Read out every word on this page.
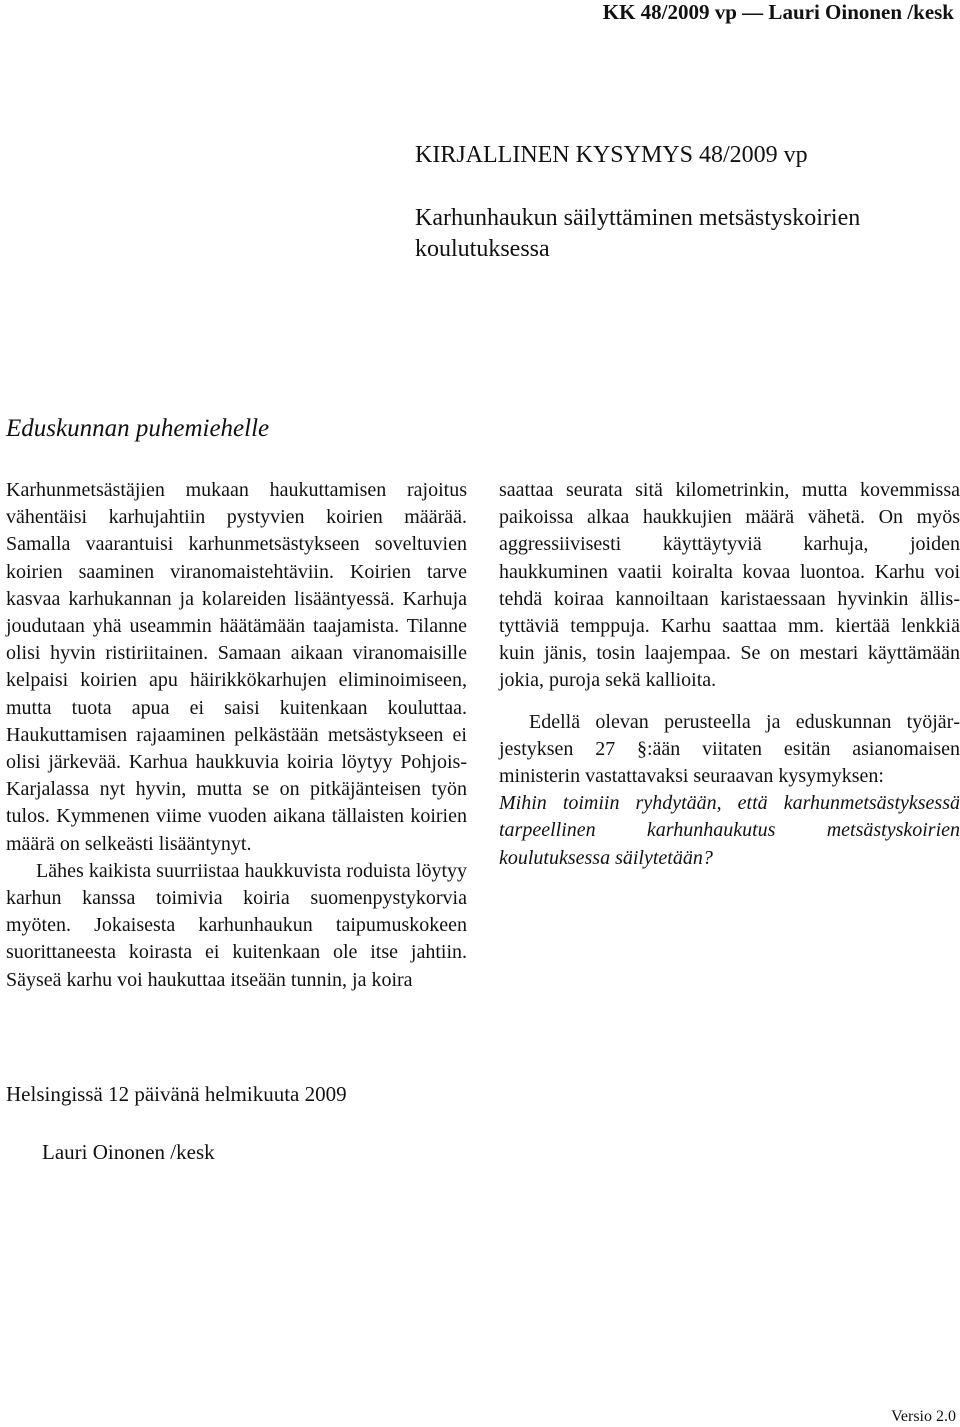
KK 48/2009 vp — Lauri Oinonen /kesk
KIRJALLINEN KYSYMYS 48/2009 vp
Karhunhaukun säilyttäminen metsästyskoirien koulutuksessa
Eduskunnan puhemiehelle

Karhunmetsästäjien mukaan haukuttamisen rajoitus vähentäisi karhujahtiin pystyvien koirien määrää. Samalla vaarantuisi karhunmetsästykseen soveltuvien koirien saaminen viranomaistehtäviin. Koirien tarve kasvaa karhukannan ja kolareiden lisääntyessä. Karhuja joudutaan yhä useammin häätämään taajamista. Tilanne olisi hyvin ristiriitainen. Samaan aikaan viranomaisille kelpaisi koirien apu häirikkökarhujen eliminoimiseen, mutta tuota apua ei saisi kuitenkaan kouluttaa. Haukuttamisen rajaaminen pelkästään metsästykseen ei olisi järkevää. Karhua haukkuvia koiria löytyy Pohjois-Karjalassa nyt hyvin, mutta se on pitkäjänteisen työn tulos. Kymmenen viime vuoden aikana tällaisten koirien määrä on selkeästi lisääntynyt.

Lähes kaikista suurriistaa haukkuvista roduista löytyy karhun kanssa toimivia koiria suomenpystykorvia myöten. Jokaisesta karhunhaukun taipumuskokeen suorittaneesta koirasta ei kuitenkaan ole itse jahtiin. Säyseä karhu voi haukuttaa itseään tunnin, ja koira

saattaa seurata sitä kilometrinkin, mutta kovemmissa paikoissa alkaa haukkujien määrä vähetä. On myös aggressiivisesti käyttäytyviä karhuja, joiden haukkuminen vaatii koiralta kovaa luontoa. Karhu voi tehdä koiraa kannoiltaan karistaessaan hyvinkin ällistyttäviä temppuja. Karhu saattaa mm. kiertää lenkkiä kuin jänis, tosin laajempaa. Se on mestari käyttämään jokia, puroja sekä kallioita.

Edellä olevan perusteella ja eduskunnan työjärjestyksen 27 §:ään viitaten esitän asianomaisen ministerin vastattavaksi seuraavan kysymyksen:

Mihin toimiin ryhdytään, että karhunmetsästyksessä tarpeellinen karhunhaukutus metsästyskoirien koulutuksessa säilytetään?

Helsingissä 12 päivänä helmikuuta 2009
Lauri Oinonen /kesk
Versio 2.0
